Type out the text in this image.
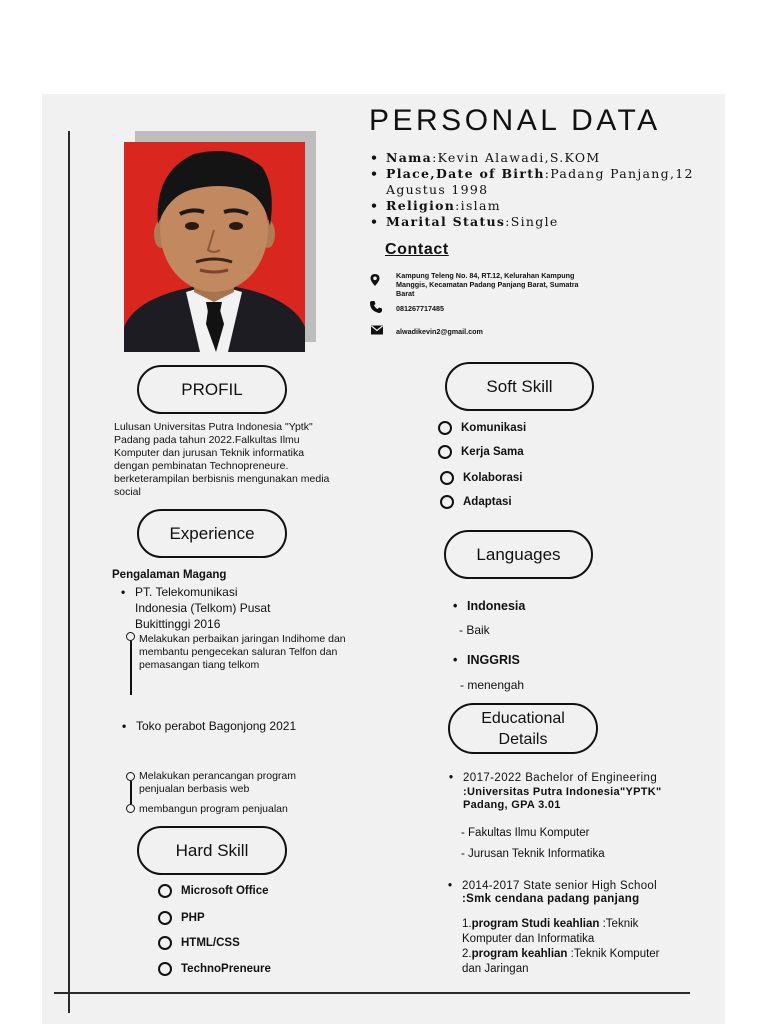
PERSONAL DATA
• Nama:Kevin Alawadi,S.KOM
• Place,Date of Birth:Padang Panjang,12 Agustus 1998
• Religion:islam
• Marital Status:Single
Contact
Kampung Teleng No. 84, RT.12, Kelurahan Kampung Manggis, Kecamatan Padang Panjang Barat, Sumatra Barat
081267717485
alwadikevin2@gmail.com
PROFIL
Lulusan Universitas Putra Indonesia "Yptk" Padang pada tahun 2022.Falkultas Ilmu Komputer dan jurusan Teknik informatika dengan pembinatan Technopreneure. berketerampilan berbisnis mengunakan media social
Experience
Pengalaman Magang
• PT. Telekomunikasi Indonesia (Telkom) Pusat Bukittinggi 2016
Melakukan perbaikan jaringan Indihome dan membantu pengecekan saluran Telfon dan pemasangan tiang telkom
• Toko perabot Bagonjong 2021
Melakukan perancangan program penjualan berbasis web
membangun program penjualan
Hard Skill
Microsoft Office
PHP
HTML/CSS
TechnoPreneure
Soft Skill
Komunikasi
Kerja Sama
Kolaborasi
Adaptasi
Languages
• Indonesia
- Baik
• INGGRIS
- menengah
Educational
Details
• 2017-2022 Bachelor of Engineering
:Universitas Putra Indonesia"YPTK" Padang, GPA 3.01
- Fakultas Ilmu Komputer
- Jurusan Teknik Informatika
• 2014-2017 State senior High School
:Smk cendana padang panjang
1.program Studi keahlian :Teknik Komputer dan Informatika
2.program keahlian :Teknik Komputer dan Jaringan
